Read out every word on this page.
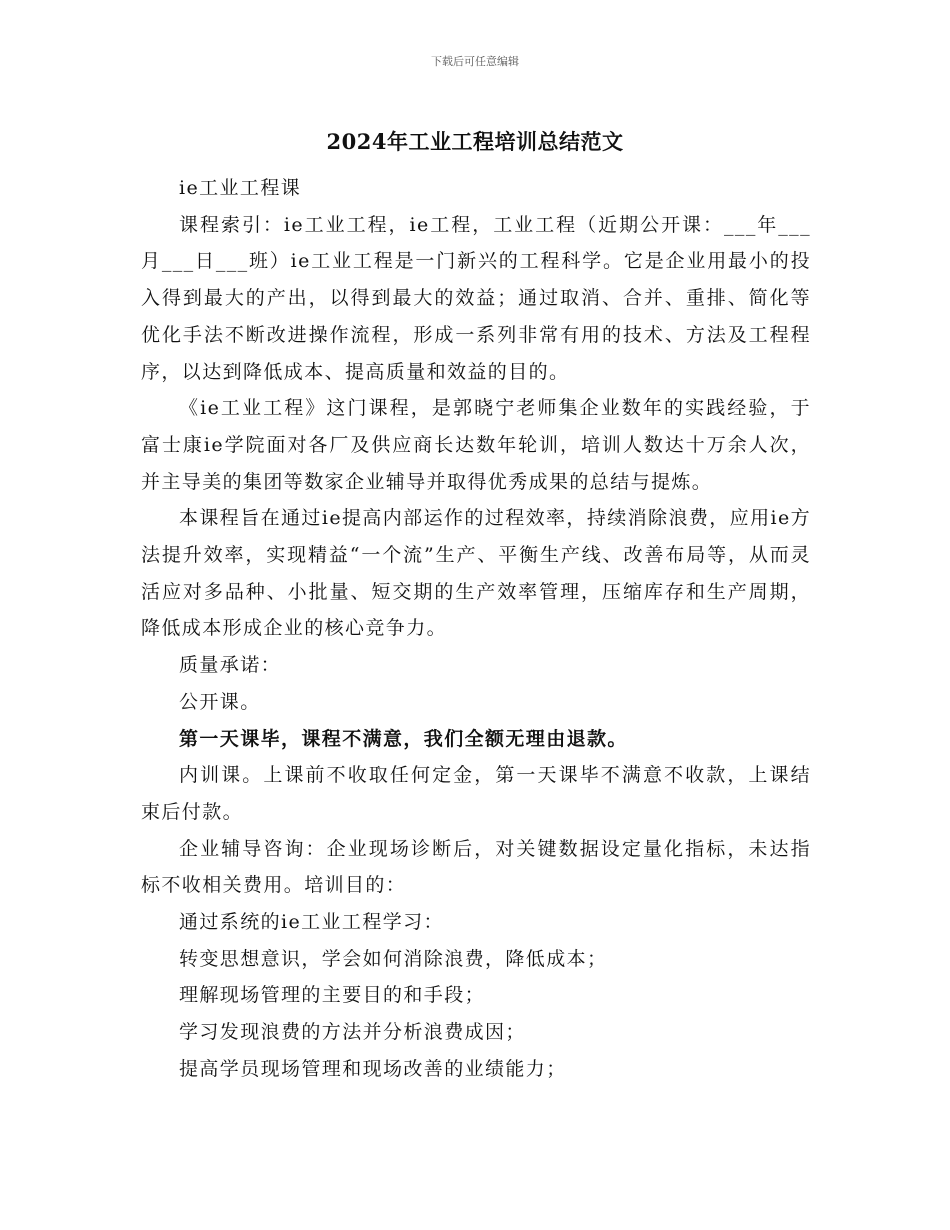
下载后可任意编辑
2024年工业工程培训总结范文

ie工业工程课

课程索引：ie工业工程，ie工程，工业工程（近期公开课：___年___月___日___班）ie工业工程是一门新兴的工程科学。它是企业用最小的投入得到最大的产出，以得到最大的效益；通过取消、合并、重排、简化等优化手法不断改进操作流程，形成一系列非常有用的技术、方法及工程程序，以达到降低成本、提高质量和效益的目的。

《ie工业工程》这门课程，是郭晓宁老师集企业数年的实践经验，于富士康ie学院面对各厂及供应商长达数年轮训，培训人数达十万余人次，并主导美的集团等数家企业辅导并取得优秀成果的总结与提炼。

本课程旨在通过ie提高内部运作的过程效率，持续消除浪费，应用ie方法提升效率，实现精益“一个流”生产、平衡生产线、改善布局等，从而灵活应对多品种、小批量、短交期的生产效率管理，压缩库存和生产周期，降低成本形成企业的核心竞争力。

质量承诺：

公开课。

第一天课毕，课程不满意，我们全额无理由退款。

内训课。上课前不收取任何定金，第一天课毕不满意不收款，上课结束后付款。

企业辅导咨询：企业现场诊断后，对关键数据设定量化指标，未达指标不收相关费用。培训目的：

通过系统的ie工业工程学习：

转变思想意识，学会如何消除浪费，降低成本；

理解现场管理的主要目的和手段；

学习发现浪费的方法并分析浪费成因；

提高学员现场管理和现场改善的业绩能力；
